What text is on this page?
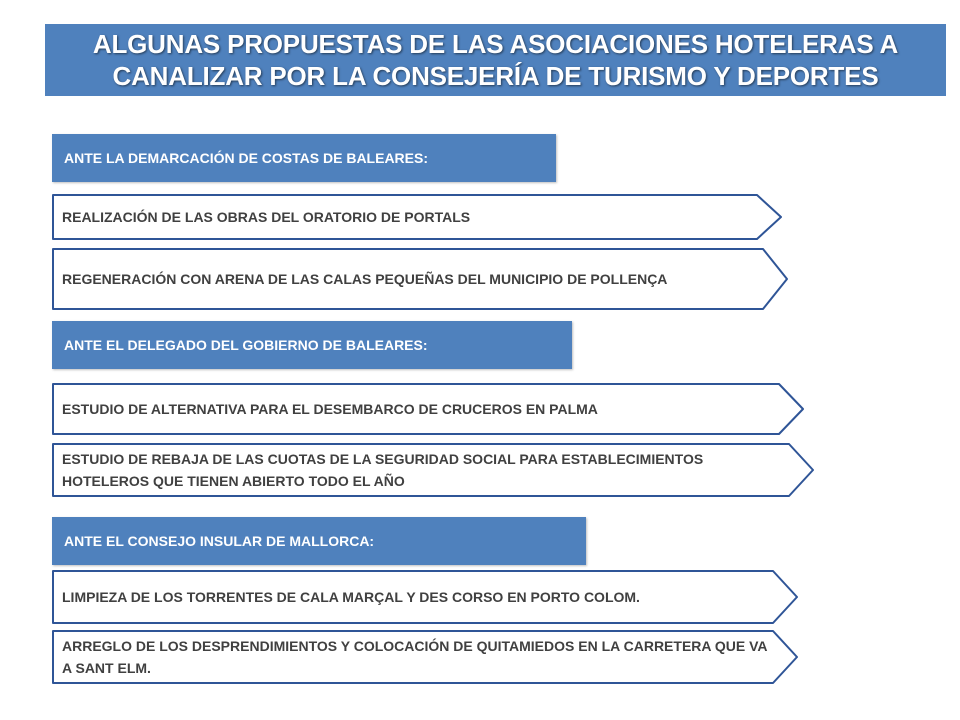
ALGUNAS PROPUESTAS DE LAS ASOCIACIONES HOTELERAS A CANALIZAR POR LA CONSEJERÍA DE TURISMO Y DEPORTES
ANTE LA DEMARCACIÓN DE COSTAS DE BALEARES:
REALIZACIÓN DE LAS OBRAS DEL ORATORIO DE PORTALS
REGENERACIÓN CON ARENA DE LAS CALAS PEQUEÑAS DEL MUNICIPIO DE POLLENÇA
ANTE EL DELEGADO DEL GOBIERNO DE BALEARES:
ESTUDIO DE ALTERNATIVA PARA EL DESEMBARCO DE CRUCEROS EN PALMA
ESTUDIO DE REBAJA DE LAS CUOTAS DE LA SEGURIDAD SOCIAL PARA ESTABLECIMIENTOS HOTELEROS QUE TIENEN ABIERTO TODO EL AÑO
ANTE EL CONSEJO INSULAR DE MALLORCA:
LIMPIEZA DE LOS TORRENTES DE CALA MARÇAL Y DES CORSO EN PORTO COLOM.
ARREGLO DE LOS DESPRENDIMIENTOS Y COLOCACIÓN DE QUITAMIEDOS EN LA CARRETERA QUE VA A SANT ELM.
